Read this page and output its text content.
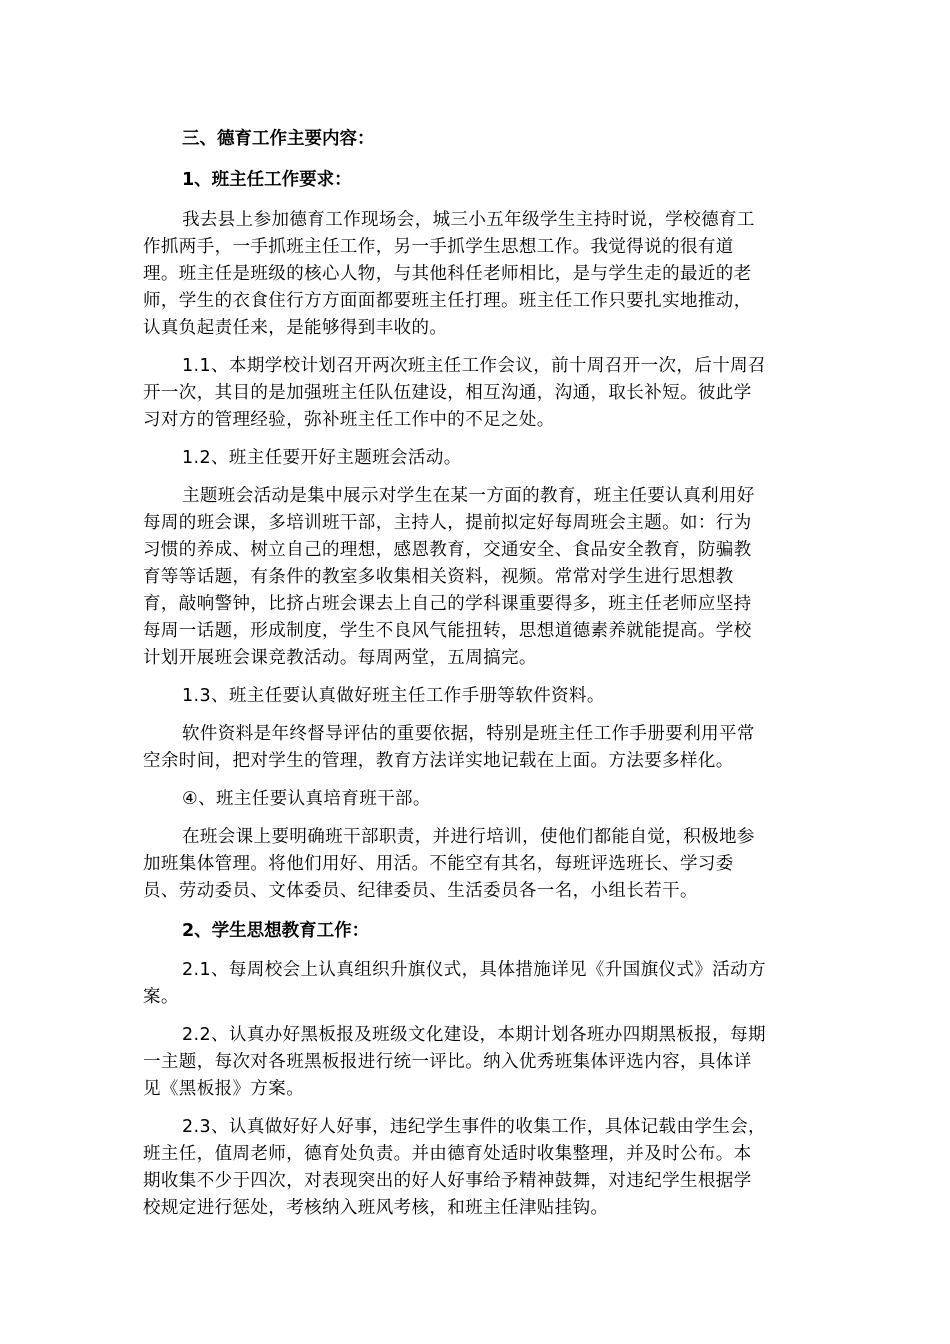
三、德育工作主要内容：
1、班主任工作要求：
我去县上参加德育工作现场会，城三小五年级学生主持时说，学校德育工
作抓两手，一手抓班主任工作，另一手抓学生思想工作。我觉得说的很有道
理。班主任是班级的核心人物，与其他科任老师相比，是与学生走的最近的老
师，学生的衣食住行方方面面都要班主任打理。班主任工作只要扎实地推动，
认真负起责任来，是能够得到丰收的。
1.1、本期学校计划召开两次班主任工作会议，前十周召开一次，后十周召
开一次，其目的是加强班主任队伍建设，相互沟通，沟通，取长补短。彼此学
习对方的管理经验，弥补班主任工作中的不足之处。
1.2、班主任要开好主题班会活动。
主题班会活动是集中展示对学生在某一方面的教育，班主任要认真利用好
每周的班会课，多培训班干部，主持人，提前拟定好每周班会主题。如：行为
习惯的养成、树立自己的理想，感恩教育，交通安全、食品安全教育，防骗教
育等等话题，有条件的教室多收集相关资料，视频。常常对学生进行思想教
育，敲响警钟，比挤占班会课去上自己的学科课重要得多，班主任老师应坚持
每周一话题，形成制度，学生不良风气能扭转，思想道德素养就能提高。学校
计划开展班会课竞教活动。每周两堂，五周搞完。
1.3、班主任要认真做好班主任工作手册等软件资料。
软件资料是年终督导评估的重要依据，特别是班主任工作手册要利用平常
空余时间，把对学生的管理，教育方法详实地记载在上面。方法要多样化。
④、班主任要认真培育班干部。
在班会课上要明确班干部职责，并进行培训，使他们都能自觉，积极地参
加班集体管理。将他们用好、用活。不能空有其名，每班评选班长、学习委
员、劳动委员、文体委员、纪律委员、生活委员各一名，小组长若干。
2、学生思想教育工作：
2.1、每周校会上认真组织升旗仪式，具体措施详见《升国旗仪式》活动方
案。
2.2、认真办好黑板报及班级文化建设，本期计划各班办四期黑板报，每期
一主题，每次对各班黑板报进行统一评比。纳入优秀班集体评选内容，具体详
见《黑板报》方案。
2.3、认真做好好人好事，违纪学生事件的收集工作，具体记载由学生会，
班主任，值周老师，德育处负责。并由德育处适时收集整理，并及时公布。本
期收集不少于四次，对表现突出的好人好事给予精神鼓舞，对违纪学生根据学
校规定进行惩处，考核纳入班风考核，和班主任津贴挂钩。
